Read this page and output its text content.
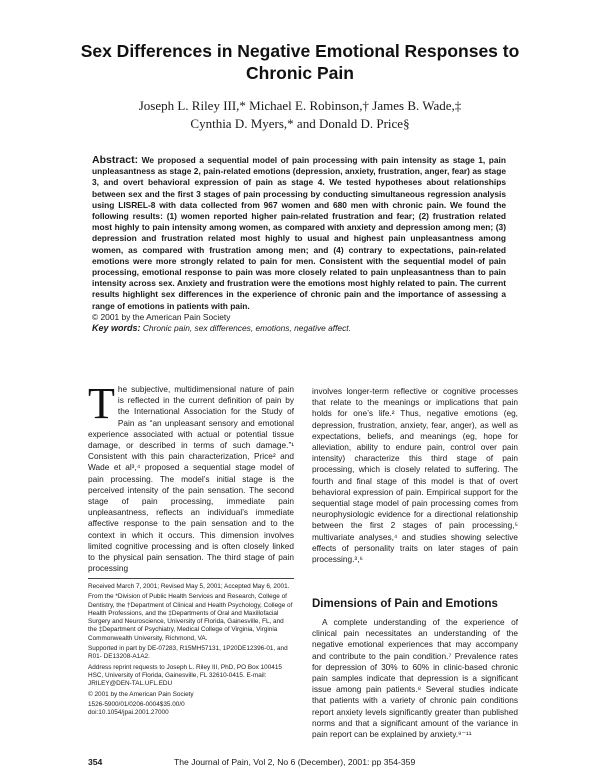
Sex Differences in Negative Emotional Responses to Chronic Pain
Joseph L. Riley III,* Michael E. Robinson,† James B. Wade,‡
Cynthia D. Myers,* and Donald D. Price§
Abstract: We proposed a sequential model of pain processing with pain intensity as stage 1, pain unpleasantness as stage 2, pain-related emotions (depression, anxiety, frustration, anger, fear) as stage 3, and overt behavioral expression of pain as stage 4. We tested hypotheses about relationships between sex and the first 3 stages of pain processing by conducting simultaneous regression analysis using LISREL-8 with data collected from 967 women and 680 men with chronic pain. We found the following results: (1) women reported higher pain-related frustration and fear; (2) frustration related most highly to pain intensity among women, as compared with anxiety and depression among men; (3) depression and frustration related most highly to usual and highest pain unpleasantness among women, as compared with frustration among men; and (4) contrary to expectations, pain-related emotions were more strongly related to pain for men. Consistent with the sequential model of pain processing, emotional response to pain was more closely related to pain unpleasantness than to pain intensity across sex. Anxiety and frustration were the emotions most highly related to pain. The current results highlight sex differences in the experience of chronic pain and the importance of assessing a range of emotions in patients with pain.
© 2001 by the American Pain Society
Key words: Chronic pain, sex differences, emotions, negative affect.
T he subjective, multidimensional nature of pain is reflected in the current definition of pain by the International Association for the Study of Pain as “an unpleasant sensory and emotional experience associated with actual or potential tissue damage, or described in terms of such damage.”¹ Consistent with this pain characterization, Price² and Wade et al³,⁴ proposed a sequential stage model of pain processing. The model’s initial stage is the perceived intensity of the pain sensation. The second stage of pain processing, immediate pain unpleasantness, reflects an individual’s immediate affective response to the pain sensation and to the context in which it occurs. This dimension involves limited cognitive processing and is often closely linked to the physical pain sensation. The third stage of pain processing
involves longer-term reflective or cognitive processes that relate to the meanings or implications that pain holds for one’s life.² Thus, negative emotions (eg, depression, frustration, anxiety, fear, anger), as well as expectations, beliefs, and meanings (eg, hope for alleviation, ability to endure pain, control over pain intensity) characterize this third stage of pain processing, which is closely related to suffering. The fourth and final stage of this model is that of overt behavioral expression of pain. Empirical support for the sequential stage model of pain processing comes from neurophysiologic evidence for a directional relationship between the first 2 stages of pain processing,⁵ multivariate analyses,⁴ and studies showing selective effects of personality traits on later stages of pain processing.³,⁶

Received March 7, 2001; Revised May 5, 2001; Accepted May 6, 2001.

From the *Division of Public Health Services and Research, College of Dentistry, the †Department of Clinical and Health Psychology, College of Health Professions, and the ‡Departments of Oral and Maxillofacial Surgery and Neuroscience, University of Florida, Gainesville, FL, and the ‡Department of Psychiatry, Medical College of Virginia, Virginia Commonwealth University, Richmond, VA.

Supported in part by DE-07283, R15MH57131, 1P20DE12396-01, and R01- DE13208-A1A2.

Address reprint requests to Joseph L. Riley III, PhD, PO Box 100415 HSC, University of Florida, Gainesville, FL 32610-0415. E-mail: JRILEY@DEN-TAL.UFL.EDU

© 2001 by the American Pain Society

1526-5900/01/0206-0004$35.00/0

doi:10.1054/jpai.2001.27000

Dimensions of Pain and Emotions
A complete understanding of the experience of clinical pain necessitates an understanding of the negative emotional experiences that may accompany and contribute to the pain condition.⁷ Prevalence rates for depression of 30% to 60% in clinic-based chronic pain samples indicate that depression is a significant issue among pain patients.⁸ Several studies indicate that patients with a variety of chronic pain conditions report anxiety levels significantly greater than published norms and that a significant amount of the variance in pain report can be explained by anxiety.⁹⁻¹¹
354	The Journal of Pain, Vol 2, No 6 (December), 2001: pp 354-359
